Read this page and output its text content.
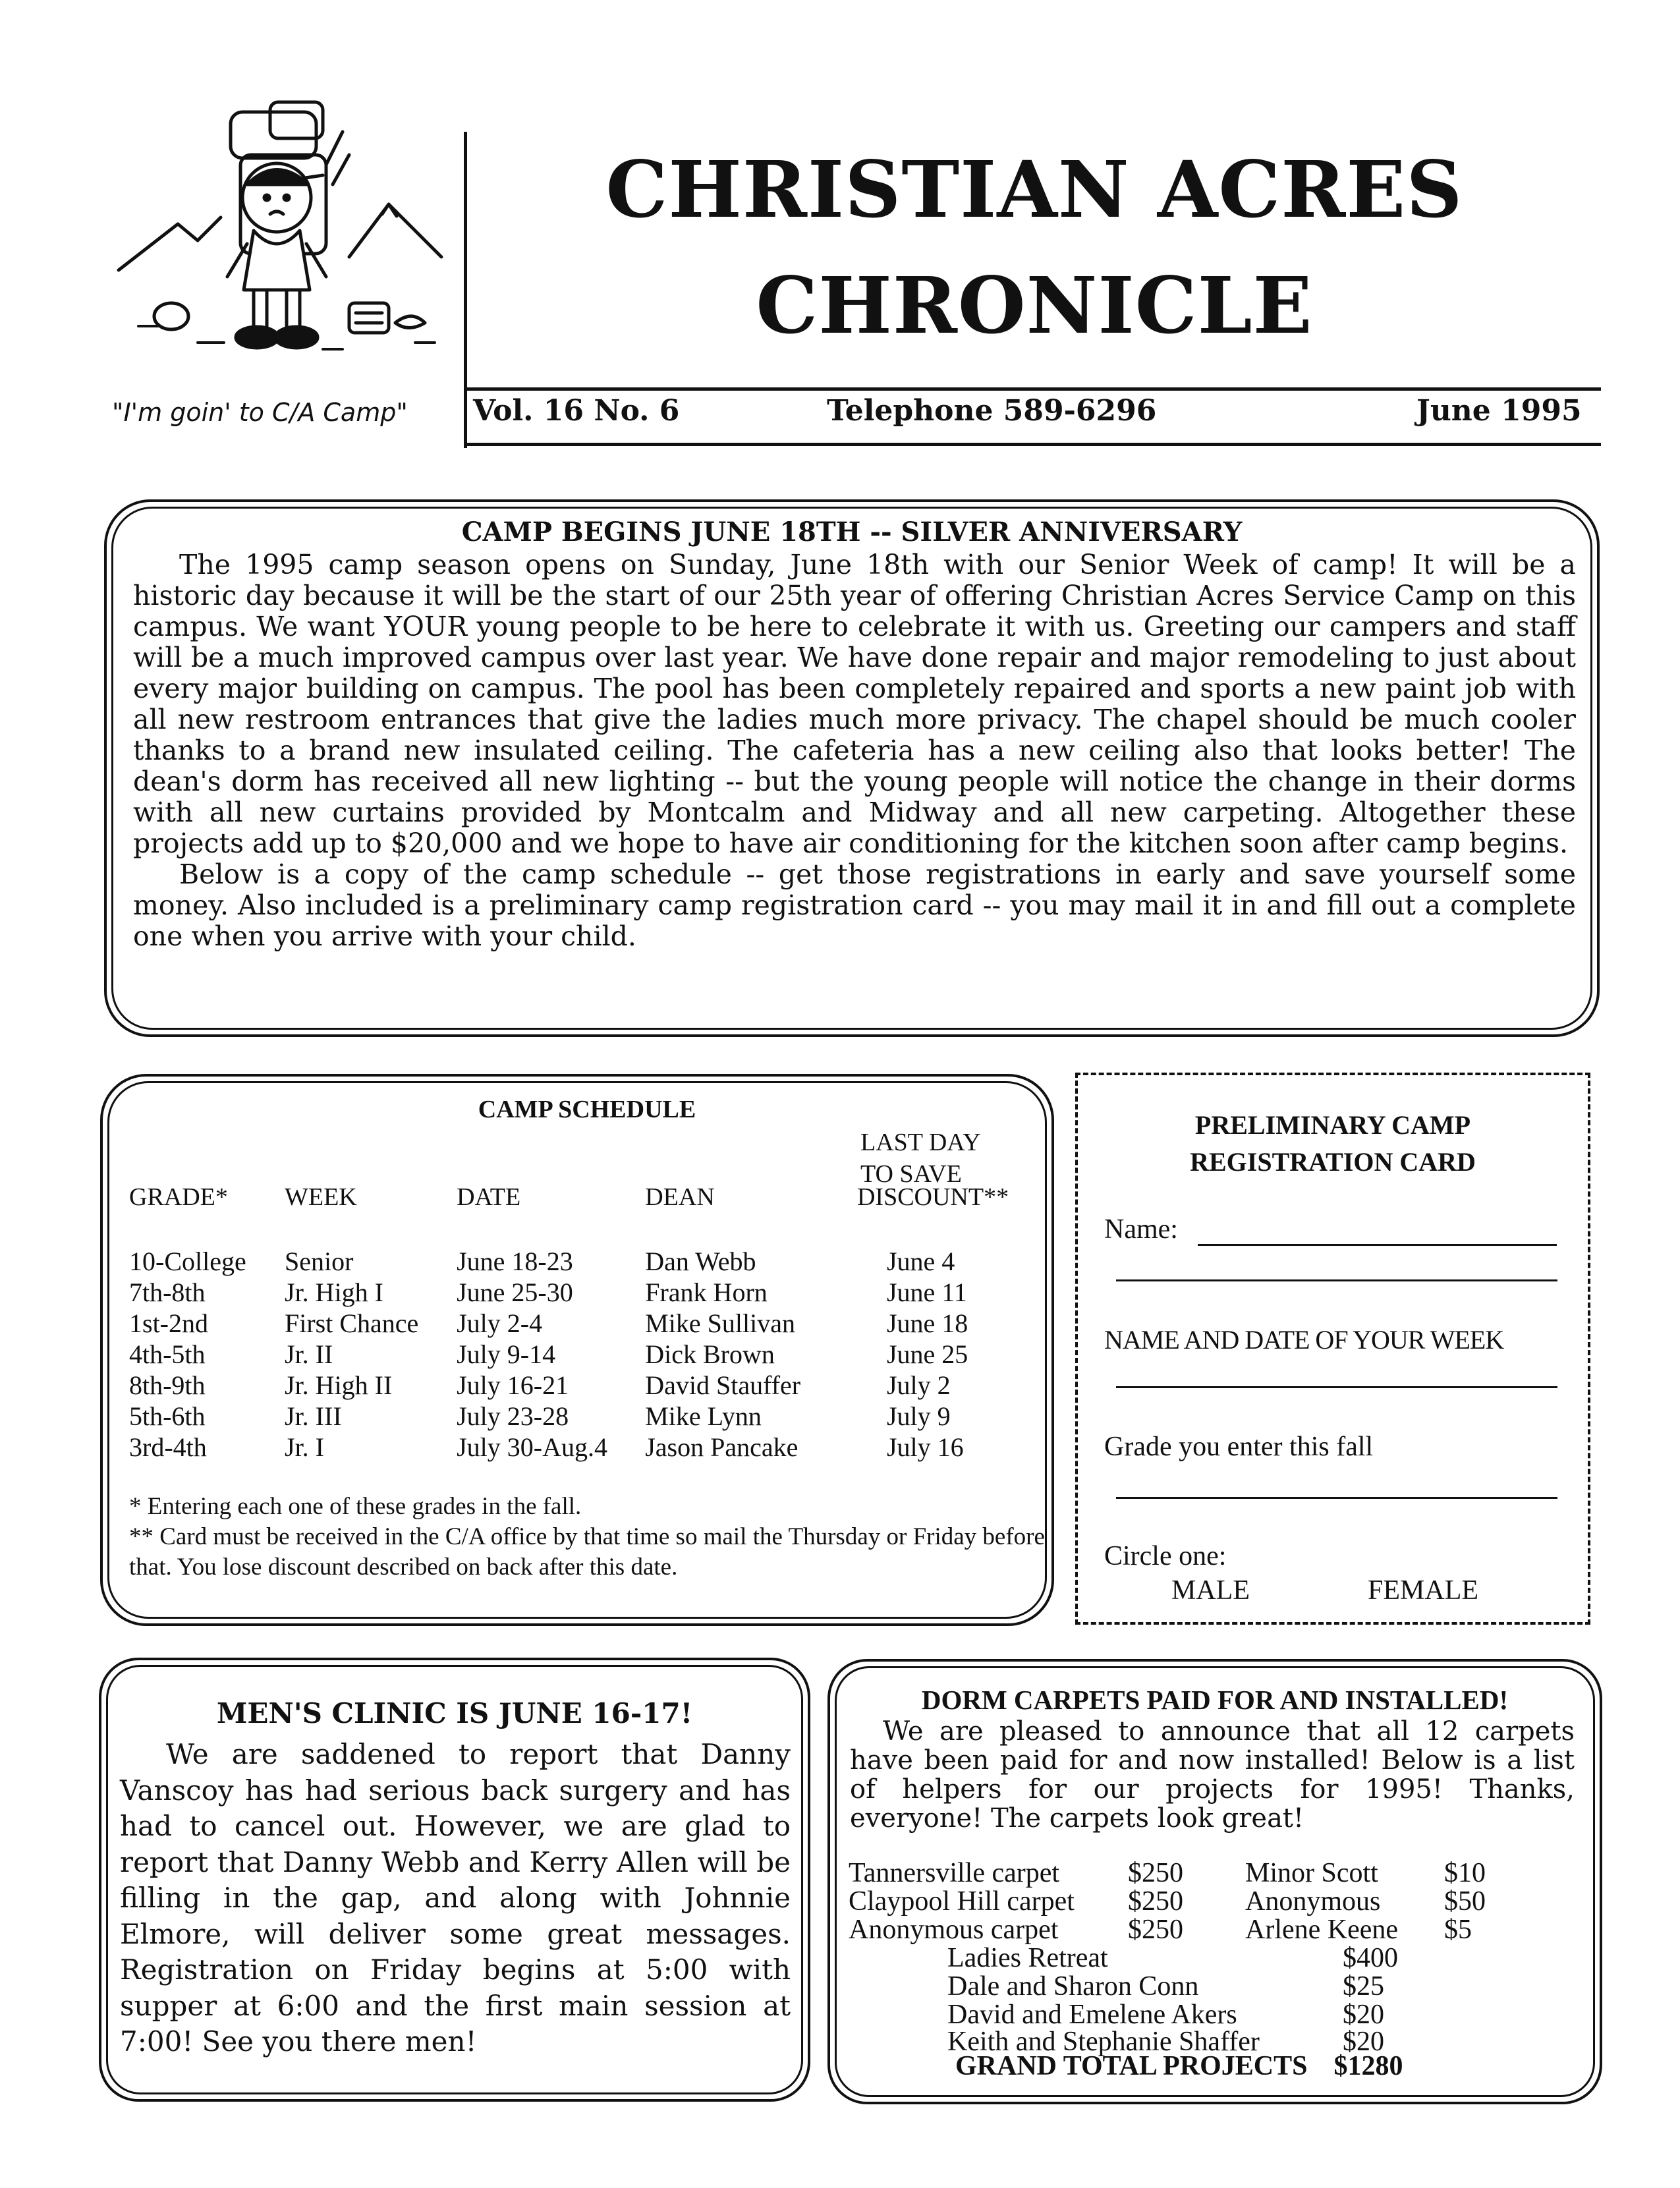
"I'm goin' to C/A Camp"
CHRISTIAN ACRES
CHRONICLE
Vol. 16 No. 6	Telephone 589-6296	June 1995
CAMP BEGINS JUNE 18TH -- SILVER ANNIVERSARY

The 1995 camp season opens on Sunday, June 18th with our Senior Week of camp! It will be a historic day because it will be the start of our 25th year of offering Christian Acres Service Camp on this campus. We want YOUR young people to be here to celebrate it with us. Greeting our campers and staff will be a much improved campus over last year. We have done repair and major remodeling to just about every major building on campus. The pool has been completely repaired and sports a new paint job with all new restroom entrances that give the ladies much more privacy. The chapel should be much cooler thanks to a brand new insulated ceiling. The cafeteria has a new ceiling also that looks better! The dean's dorm has received all new lighting -- but the young people will notice the change in their dorms with all new curtains provided by Montcalm and Midway and all new carpeting. Altogether these projects add up to $20,000 and we hope to have air conditioning for the kitchen soon after camp begins.

Below is a copy of the camp schedule -- get those registrations in early and save yourself some money. Also included is a preliminary camp registration card -- you may mail it in and fill out a complete one when you arrive with your child.

CAMP SCHEDULE
LAST DAY
TO SAVE
GRADE*	WEEK	DATE	DEAN	DISCOUNT**
10-College	Senior	June 18-23	Dan Webb	June 4
7th-8th	Jr. High I	June 25-30	Frank Horn	June 11
1st-2nd	First Chance	July 2-4	Mike Sullivan	June 18
4th-5th	Jr. II	July 9-14	Dick Brown	June 25
8th-9th	Jr. High II	July 16-21	David Stauffer	July 2
5th-6th	Jr. III	July 23-28	Mike Lynn	July 9
3rd-4th	Jr. I	July 30-Aug.4	Jason Pancake	July 16
* Entering each one of these grades in the fall.
** Card must be received in the C/A office by that time so mail the Thursday or Friday before that. You lose discount described on back after this date.
PRELIMINARY CAMP
REGISTRATION CARD
Name:
NAME AND DATE OF YOUR WEEK
Grade you enter this fall
Circle one:
MALE	FEMALE
MEN'S CLINIC IS JUNE 16-17!

We are saddened to report that Danny Vanscoy has had serious back surgery and has had to cancel out. However, we are glad to report that Danny Webb and Kerry Allen will be filling in the gap, and along with Johnnie Elmore, will deliver some great messages. Registration on Friday begins at 5:00 with supper at 6:00 and the first main session at 7:00! See you there men!

DORM CARPETS PAID FOR AND INSTALLED!

We are pleased to announce that all 12 carpets have been paid for and now installed! Below is a list of helpers for our projects for 1995! Thanks, everyone! The carpets look great!

Tannersville carpet $250
Claypool Hill carpet $250
Anonymous carpet	$250
Minor Scott $10
Anonymous $50
Arlene Keene $5
Ladies Retreat	$400
Dale and Sharon Conn	$25
David and Emelene Akers	$20
Keith and Stephanie Shaffer	$20
GRAND TOTAL PROJECTS $1280
